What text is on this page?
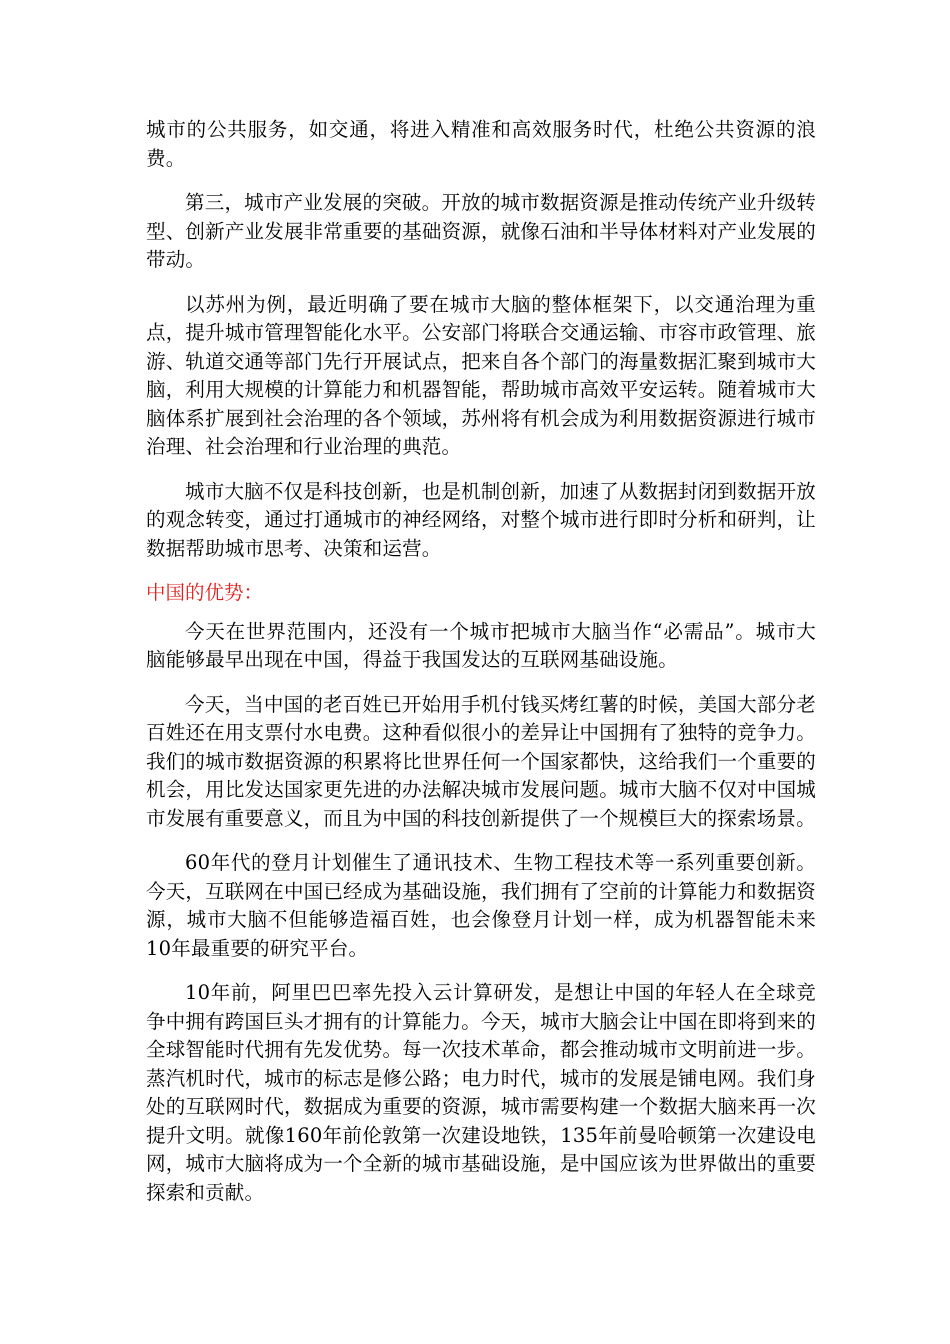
城市的公共服务，如交通，将进入精准和高效服务时代，杜绝公共资源的浪费。

第三，城市产业发展的突破。开放的城市数据资源是推动传统产业升级转型、创新产业发展非常重要的基础资源，就像石油和半导体材料对产业发展的带动。

以苏州为例，最近明确了要在城市大脑的整体框架下，以交通治理为重点，提升城市管理智能化水平。公安部门将联合交通运输、市容市政管理、旅游、轨道交通等部门先行开展试点，把来自各个部门的海量数据汇聚到城市大脑，利用大规模的计算能力和机器智能，帮助城市高效平安运转。随着城市大脑体系扩展到社会治理的各个领域，苏州将有机会成为利用数据资源进行城市治理、社会治理和行业治理的典范。

城市大脑不仅是科技创新，也是机制创新，加速了从数据封闭到数据开放的观念转变，通过打通城市的神经网络，对整个城市进行即时分析和研判，让数据帮助城市思考、决策和运营。

中国的优势：

今天在世界范围内，还没有一个城市把城市大脑当作“必需品”。城市大脑能够最早出现在中国，得益于我国发达的互联网基础设施。

今天，当中国的老百姓已开始用手机付钱买烤红薯的时候，美国大部分老百姓还在用支票付水电费。这种看似很小的差异让中国拥有了独特的竞争力。我们的城市数据资源的积累将比世界任何一个国家都快，这给我们一个重要的机会，用比发达国家更先进的办法解决城市发展问题。城市大脑不仅对中国城市发展有重要意义，而且为中国的科技创新提供了一个规模巨大的探索场景。

60年代的登月计划催生了通讯技术、生物工程技术等一系列重要创新。今天，互联网在中国已经成为基础设施，我们拥有了空前的计算能力和数据资源，城市大脑不但能够造福百姓，也会像登月计划一样，成为机器智能未来10年最重要的研究平台。

10年前，阿里巴巴率先投入云计算研发，是想让中国的年轻人在全球竞争中拥有跨国巨头才拥有的计算能力。今天，城市大脑会让中国在即将到来的全球智能时代拥有先发优势。每一次技术革命，都会推动城市文明前进一步。蒸汽机时代，城市的标志是修公路；电力时代，城市的发展是铺电网。我们身处的互联网时代，数据成为重要的资源，城市需要构建一个数据大脑来再一次提升文明。就像160年前伦敦第一次建设地铁，135年前曼哈顿第一次建设电网，城市大脑将成为一个全新的城市基础设施，是中国应该为世界做出的重要探索和贡献。
